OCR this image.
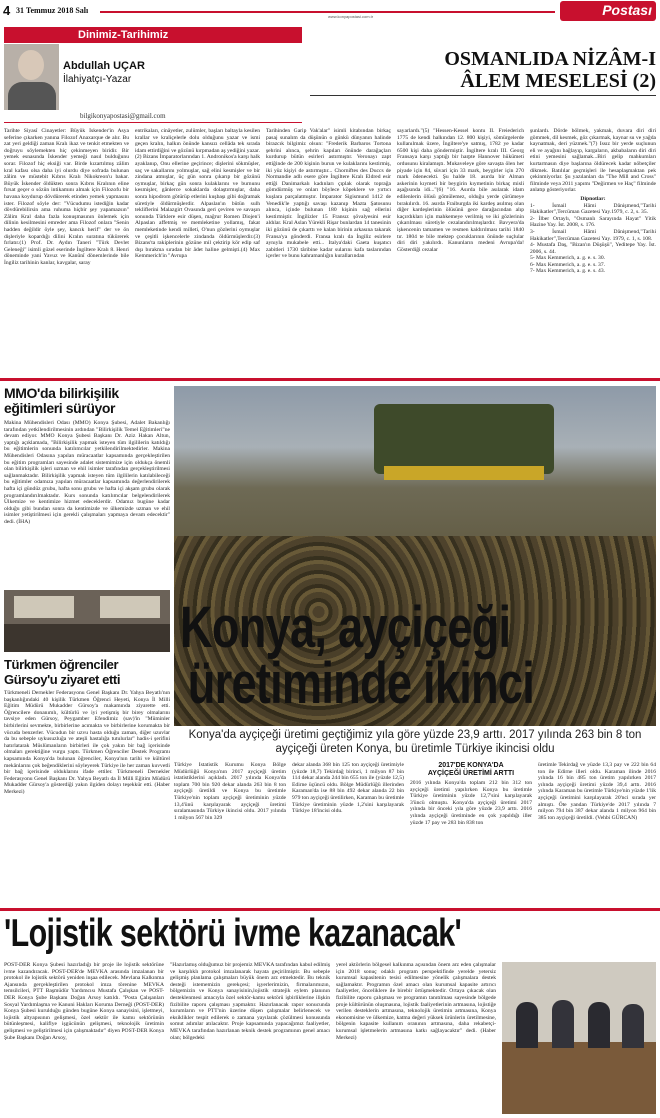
4 31 Temmuz 2018 Salı
www.konyapostasi.com.tr	Postası
Dinimiz-Tarihimiz
Abdullah UÇAR
İlahiyatçı-Yazar
bilgikonyapostasi@gmail.com
OSMANLIDA NİZÂM-I
ÂLEM MESELESİ (2)
Tarihte Siyasî Cinayetler: Büyük İskender'in Asya seferine çıkarken yanına Filozof Anaxarque de alır. Bu zat yeri geldiği zaman Kralı ikaz ve tenkit etmekten ve doğruyu söylemekten hiç çekinmeyen biridir. Bir yemek esnasında İskender yemeği nasıl bulduğunu sorar. Filozof hiç eksiği var. Birde kızartılmış zâlim kral kafası olsa daha iyi olurdu diye sofrada bulunan zâlim ve müstebit Kıbrıs Kralı Nikokreon'u bakar. Büyük İskender öldükten sonra Kıbrıs Kralının eline fırsat geçer o sözün intikamını almak için Filozofu bir havana koydurup dövdürerek etinden yemek yapmasını ister. Filozof söyle der: "Vücudumu istediğin kadar dövdürebilirsin ama ruhuma hiçbir şey yapamazsın" Zâlim Kral daha fazla konuşmasının önlemek için dilinin kesilmesini emreder ama Filozof onlara "Senin hadden değildir öyle şey, kancık herif" der ve ön dişleriyle kopardığı dilini Kralın suratına tükürerek fırlatır.(1) Prof. Dr. Aydın Taneri "Türk Devlet Geleneği" isimli güzel eserinde İngiltere Kralı 8. Henri döneminde yani Yavuz ve Kanûnî dönemlerinde bile İngiliz tarihinin kanlar, kavgalar, saray
entrikaları, cinâyetler, zulümler, başları baltayla kesilen krallar ve kraliçelerle dolu olduğunu yazar ve ismi geçen kralın, halkın önünde kansızı cellâda tek sırada idam ettirdiğini ve gözünü kırpmadan aş yediğini yazar.(2) Bizans İmparatorlarından 1. Andronikos'a karşı halk ayaklanıp, Onu ellerine geçirince; dişlerini sökmüşler, saç ve sakallarını yolmuşlar, sağ elini kesmişler ve bir zindana atmışlar, üç gün sonra çıkarıp bir gözünü oymuşlar, birkaç gün sonra kulaklarını ve burnunu kesmişler, gânlerce sokaklarda dolaştırmışlar, daha sonra hipodrom götürüp etlerini kuşbaşı gibi doğramak süretiyle öldürmüşlerdir. Alpaslan'ın bütün sulh tekliflerini Malazgirt Ovasında geri çeviren ve savaşın sonunda Türklere esir düşen, mağrur Romen Diojen'i Alpaslan affetmiş ve memleketine yollamış, fakat memleketinde kendi milleti, O'nun gözlerini oymuşlar ve çeşitli işkencelerle zindanda öldürmüşlerdir.(3) Bizans'ta rakiplerinin gözüne mil çektirip kör edip saf dışı bırakma sıradan bir âdet haline gelmişti.(4) Max Kemmerich'in "Avrupa
Tarihinden Garip Vak'alar" isimli kitabından birkaç pasaj sunalım da düşünün o günkü dünyanın halinde birazcık bilgimiz olsun: "Frederik Barbaros Tortona şehrini alınca, şehrin kapıları önünde darağaçları kurdurup bütün esirleri astırmıştır. Veronayı zapt ettiğinde de 200 kişinin burun ve kulaklarını kestirmiş, iki yüz kişiyi de astırmıştır... Chorniftes des Duccs de Normandie adlı esere göre İngiltere Kralı Eldred esir ettiği Danimarkalı kadınları çıplak olarak toprağa gömdürmüş ve onları böylece köpeklere ve yırtıcı kuşlara parçalatmıştır. İmparator Sigismund 1412 de Venedik'le yaptığı savaşı kazanıp Mazta Şatosunu alınca, içinde bulunan 180 kişinin sağ ellerini kestirmiştir. İngilizler 15 Fransız şövalyesini esir aldılar. Kral Aslan Yürekli Rişar bunlardan 14 tanesinin iki gözünü de çıkarttı ve kalan birinin arkasına takarak Fransa'ya gönderdi. Fransa kralı da İngiliz esirlere aynıyla mukabele etti... Italya'daki Gaeta kuşatıcı zabitleri 1730 târibine kadar sularını kafa taslarından içerler ve bunu kahramanlığın kurallarından
sayarlardı."(5) "Hessen-Kessel kontu II. Freiederich 1775 de kendi halkından 12. 800 kişiyi, sömürgelerde kullanılmak üzere, İngiltere'ye satmış, 1782 ye kadar 6500 kişi daha göndermiştir. İngiltere kralı III. Georg Fransaya karşı yaptığı bir harpte Hannover hükümeti ordusunu kiralamıştı. Mukaveleye göre savaşta ölen her piyade için 84, süvari için 33 mark, beygirler için 270 mark ödenecekti. Şu halde 18. asırda bir Alman askerinin kıymeti bir beygirin kıymetinin birkaç misli aşağısında idi..."(6) "16. Asırda bile asılarak idam edilenlerin ölüsü gömülemez, olduğu yerde çürümeye bırakılırdı. 16. asırda Fraiburgda iki kardeş asılmış olan diğer kardeşlerinin ölüsünü gece darağacından alıp kaçırdıkları için mahkemeye verilmiş ve iki gözlerinin çıkarılması süretiyle cezalandırılmışlardır. Bavyera'da işkencenin tamamen ve resmen kaldırılması tarihi 1840 tır. 1804 te bile mektep çocuklarının önünde suçlular diri diri yakılırdı. Kanunların medeni Avrupa'da! Gösterdiği cezalar
şunlardı. Dörde bölmek, yakmak, duvara diri diri gömmek, dil kesmek, göz çıkarmak, kaynar su ve yağda kaynatmak, deri yüzmek."(7) Issız bir yerde suçlunun eli ve ayağını bağlayıp, kargaların, akbabaların diri diri etini yemesini sağlamak...Biri gelip mahkumları kurtarmasın diye başlarına öldürecek kadar nöbetçiler dikmek. Batılılar geçmişleri ile hesaplaşmaktan pek çekinmiyorlar. Şu yazılanları da "The Mill and Cross" filminde veya 2011 yapımı "Değirmen ve Haç" filminde anlatıp gösteriyorlar.
Dipnotlar:
1- İsmail Hâmi Dânişmend,"Tarihi Hakikatler",Tercüman Gazetesi Yay.1979, c. 2, s. 35.
2- İlber Ortaylı, "Osmanlı Sarayında Hayat" Yitik Hazine Yay. İst. 2008, s. 176.
3- İsmail Hâmi Dânişmend,"Tarihi Hakikatler",Tercüman Gazetesi Yay. 1979, c. 1, s. 108.
4- Mustafa Daş, "Bizan'ın Düşüşü", Yeditepe Yay. İst. 2006, s. 44.
5- Max Kemmerich, a. g. e. s. 30.
6- Max Kemmerich, a. g. e. s. 37.
7- Max Kemmerich, a. g. e. s. 43.
MMO'da bilirkişilik
eğitimleri sürüyor
Makina Mühendisleri Odası (MMO) Konya Şubesi, Adalet Bakanlığı tarafından yetkilendirilmesinin ardından "Bilirkişilik Temel Eğitimleri"ne devam ediyor. MMO Konya Şubesi Başkanı Dr. Aziz Hakan Altun, yaptığı açıklamada, "Bilirkişilik yapmak isteyen tüm ilgililerin katıldığı bu eğitimlerin sonunda katılımcılar yetkilendirilmektedirler. Makina Mühendisleri Odasına yapılan müracaatlar kapsamında gerçekleştirilen bu eğitim programları sayesinde adalet sistemimize için oldukça önemli olan bilirkişilik işleri uzman ve ehil isimler tarafından gerçekleştirilmesi sağlanmaktadır. Bilirkişilik yapmak isteyen tüm ilgililerin katılabileceği bu eğitimler odamıza yapılan müracaatlar kapsamında değerlendirilerek hafta içi gündüz grubu, hafta sonu grubu ve hafta içi akşam grubu olarak programlandırılmaktadır. Kurs sonunda katılımcılar belgelendirilerek Ülkemize ve kentimize hizmet edeceklerdir. Odamız bugüne kadar olduğu gibi bundan sonra da kentimizde ve ülkemizde uzman ve ehil isimler yetiştirilmesi için gerekli çalışmaları yapmaya devam edecektir" dedi. (İHA)
Türkmen öğrenciler
Gürsoy'u ziyaret etti
Türkmeneli Dernekler Federasyonu Genel Başkanı Dr. Yahya Beyatlı'nın başkanlığındaki 40 kişilik Türkmen Öğrenci Heyeti, Konya İl Milli Eğitim Müdürü Mukadder Gürsoy'a makamında ziyarette etti. Öğrencilere donanımlı, kültürlü ve iyi yetişmiş bir birey olmalarını tavsiye eden Gürsoy, Peygamber Efendimiz (sav)'in "Müminler birbirlerini sevmekte, birbirlerine acımakta ve birbirlerine korumakta bir vücuda benzerler. Vücudun bir uzvu hasta olduğu zaman, diğer uzuvlar da bu sebeple uykusuzluğa ve ateşli hastalığa tutulurlar" hadis-i şerifini hatırlatarak Müslümanların birbirleri ile çok yakın bir bağ içerisinde olmaları gerektiğine vurgu yaptı. Türkmen Öğrenciler Destek Programı kapsamında Konya'da bulunan öğrenciler, Konya'nın tarihi ve kültürel mekânlarını çok beğendiklerini söyleyerek Türkiye ile her zaman kuvvetli bir bağ içerisinde olduklarını ifade ettiler. Türkmeneli Dernekler Federasyonu Genel Başkanı Dr. Yahya Beyatlı da İl Milli Eğitim Müdürü Mukadder Gürsoy'a gösterdiği yakın ilgiden dolayı teşekkür etti. (Haber Merkezi)
Konya, ayçiçeği
üretiminde ikinci
Konya'da ayçiçeği üretimi geçtiğimiz yıla göre yüzde 23,9 arttı. 2017 yılında 263 bin 8 ton ayçiçeği üreten Konya, bu üretimle Türkiye ikincisi oldu
Türkiye İstatistik Kurumu Konya Bölge Müdürlüğü Konya'nın 2017 ayçiçeği üretim istatistiklerini açıkladı. 2017 yılında Konya'da toplam 700 bin 920 dekar alanda 263 bin 8 ton ayçiçeği üretildi ve Konya bu üretimle Türkiye'nin toplam ayçiçeği üretiminin yüzde 13,4'ünü karşılayarak ayçiçeği üretimi sıralamasında Türkiye ikincisi oldu. 2017 yılında 1 milyon 567 bin 329
dekar alanda 368 bin 125 ton ayçiçeği üretimiyle (yüzde 18,7) Tekirdağ birinci, 1 milyon 87 bin 114 dekar alanda 244 bin 655 ton ile (yüzde 12,5) Edirne üçüncü oldu. Bölge Müdürlüğü illerinden Karaman'da ise 88 bin 492 dekar alanda 22 bin 979 ton ayçiçeği üretilirken, Karaman bu üretimle Türkiye üretiminin yüzde 1,2'sini karşılayarak Türkiye 18'incisi oldu.
2017'DE KONYA'DA
AYÇİÇEĞİ ÜRETİMİ ARTTI
2016 yılında Konya'da toplam 212 bin 312 ton ayçiçeği üretimi yapılırken Konya bu üretimle Türkiye üretiminin yüzde 12,7'sini karşılayarak 3'üncü olmuştu. Konya'da ayçiçeği üretimi 2017 yılında bir önceki yıla göre yüzde 23,9 arttı. 2016 yılında ayçiçeği üretiminde en çok yapıldığı iller yüzde 17 pay ve 283 bin 838 ton
üretimle Tekirdağ ve yüzde 13,3 pay ve 222 bin 64 ton ile Edirne illeri oldu. Karaman ilinde 2016 yılında 16 bin 485 ton üretim yapılırken 2017 yılında ayçiçeği üretimi yüzde 39,4 arttı. 2016 yılında Karaman bu üretimle Türkiye'nin yüzde 1'lik ayçiçeği üretimini karşılayarak 20'nci sırada yer almıştı. Öte yandan Türkiye'de 2017 yılında 7 milyon 794 bin 387 dekar alanda 1 milyon 964 bin 385 ton ayçiçeği üretildi. (Vehbi GÜRCAN)
'Lojistik sektörü ivme kazanacak'
POST-DER Konya Şubesi hazırladığı bir proje ile lojistik sektörüne ivme kazandıracak. POST-DER'de MEVKA arasında imzalanan bir protokol ile lojistik sektörü yeniden inşaa edilecek. Mevlana Kalkınma Ajansında gerçekleştirilen protokol imza törenine MEVKA temsilcileri, PTT Başmüdür Yardımcısı Mustafa Çalışkan ve POST-DER Konya Şube Başkanı Doğan Arsoy katıldı. "Posta Çalışanları Sosyal Yardımlaşma ve Kanuni Hakları Koruma Derneği (POST-DER) Konya Şubesi kurulduğu günden bugüne Konya sanayisini, işletmeyi, lojistik altyapısının gelişmesi, özel sektör ile kamu sektörünün bütünleşmesi, kaliflye işgücünün gelişmesi, teknolojik üretimin gelişmesi ve geliştirilmesi için çalışmaktadır" diyen POST-DER Konya Şube Başkanı Doğan Arsoy,
"Hazırlamış olduğumuz bir projemiz MEVKA tarafından kabul edilmiş ve karşılıklı protokol imzalanarak hayata geçirilmiştir. Bu sebeple gelişmiş planlama çalışmaları büyük önem arz etmektedir. Bu teknik desteği istememizin gerekçesi; işyerlerimizin, firmalarımızın, bölgemizin ve Konya sanayisinin,lojistik stratejik eylem planının desteklenmesi amacıyla özel sektör-kamu sektörü işbirliklerine ilişkin fizibilite raporu çalışması yapmaktır. Hazırlanacak rapor sonucunda kurumların ve PTT'nin üzerine düşen çalışmalar belirlenecek ve eksiklikler tespit edilerek o zamana yayılarak çözülmesi konusunda somut adımlar atılacaktır. Proje kapsamında yapacağımız faaliyetler, MEVKA tarafından hazırlanan teknik destek programının genel amacı olan; bölgedeki
yerel aktörlerin bölgesel kalkınma açısından önem arz eden çalışmalar için 2018 sonuç odaklı program perspektifinde yerelde yetersiz kurumsal kapasitenin tesisi edilmesine yönelik çalışmalara destek sağlamaktır. Programın özel amacı olan kurumsal kapasite artırıcı faaliyetler, önceliklere ile birebir örtüşmektedir. Ortaya çıkacak olan fizibilite raporu çalışması ve programın tanıtılması sayesinde bölgede proje kültürünün oluşmasına, lojistik faaliyetlerinin artmasına, lojistiğe verilen desteklerin artmasına, teknolojik üretimin artmasına, Konya ekonomisine ve ülkemize, katma değeri yüksek ürünlerin üretilmesine, bölgenin kapasite kullanım oranının artmasına, daha rekabetçi-kurumsal işletmelerin artmasına katkı sağlayacaktır" dedi. (Haber Merkezi)
